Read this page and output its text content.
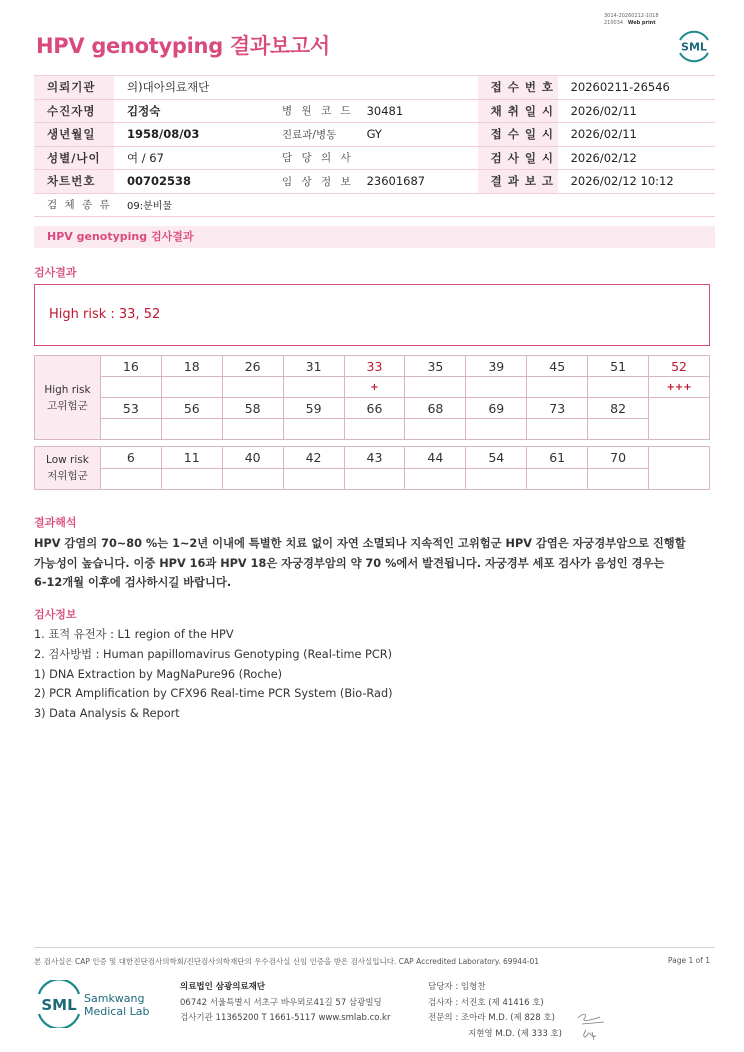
3014-20260212-1018
210034 Web print
HPV genotyping 결과보고서	SML
의뢰기관	의)대아의료재단			접 수 번 호	20260211-26546
수진자명	김정숙	병 원 코 드	30481	채 취 일 시	2026/02/11
생년월일	1958/08/03	진료과/병동	GY	접 수 일 시	2026/02/11
성별/나이	여 / 67	담 당 의 사		검 사 일 시	2026/02/12
차트번호	00702538	임 상 정 보	23601687	결 과 보 고	2026/02/12 10:12
검 체 종 류	09:분비물				
HPV genotyping 검사결과
검사결과
High risk : 33, 52
High risk
고위험군	16	18	26	31	33	35	39	45	51	52
					+					+++
	53	56	58	59	66	68	69	73	82	

Low risk
저위험군	6	11	40	42	43	44	54	61	70	

결과해석
HPV 감염의 70~80 %는 1~2년 이내에 특별한 치료 없이 자연 소멸되나 지속적인 고위험군 HPV 감염은 자궁경부암으로 진행할
가능성이 높습니다. 이중 HPV 16과 HPV 18은 자궁경부암의 약 70 %에서 발견됩니다. 자궁경부 세포 검사가 음성인 경우는
6-12개월 이후에 검사하시길 바랍니다.
검사정보
1. 표적 유전자 : L1 region of the HPV
2. 검사방법 : Human papillomavirus Genotyping (Real-time PCR)
1) DNA Extraction by MagNaPure96 (Roche)
2) PCR Amplification by CFX96 Real-time PCR System (Bio-Rad)
3) Data Analysis & Report
본 검사실은 CAP 인증 및 대한진단검사의학회/진단검사의학재단의 우수검사실 신임 인증을 받은 검사실입니다. CAP Accredited Laboratory. 69944-01	Page 1 of 1
SML Samkwang
Medical Lab
의료법인 삼광의료재단
06742 서울특별시 서초구 바우뫼로41길 57 삼광빌딩
검사기관 11365200 T 1661-5117 www.smlab.co.kr
담당자 : 임형찬
검사자 : 서진호 (제 41416 호)
전문의 : 조아라 M.D. (제 828 호)
지현영 M.D. (제 333 호)
